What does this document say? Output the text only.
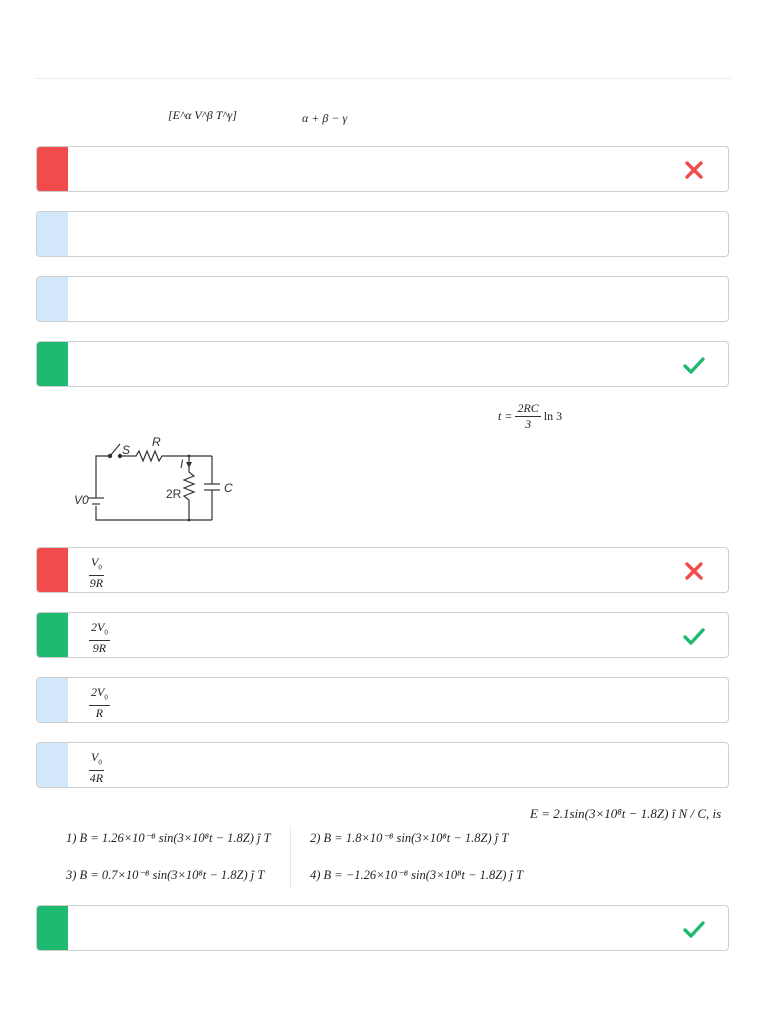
[E^α V^β T^γ]	α + β − γ
$t = \frac{2RC}{3}$ ln 3
S
R
I
2R	C
V0
$\frac{V_0}{9R}$
$\frac{2V_0}{9R}$
$\frac{2V_0}{R}$
$\frac{V_0}{4R}$
E = 2.1sin(3×10⁸t − 1.8Z) î N / C, is
1) B = 1.26×10⁻⁸ sin(3×10⁸t − 1.8Z) ĵ T	2) B = 1.8×10⁻⁸ sin(3×10⁸t − 1.8Z) ĵ T
3) B = 0.7×10⁻⁸ sin(3×10⁸t − 1.8Z) ĵ T	4) B = −1.26×10⁻⁸ sin(3×10⁸t − 1.8Z) ĵ T
